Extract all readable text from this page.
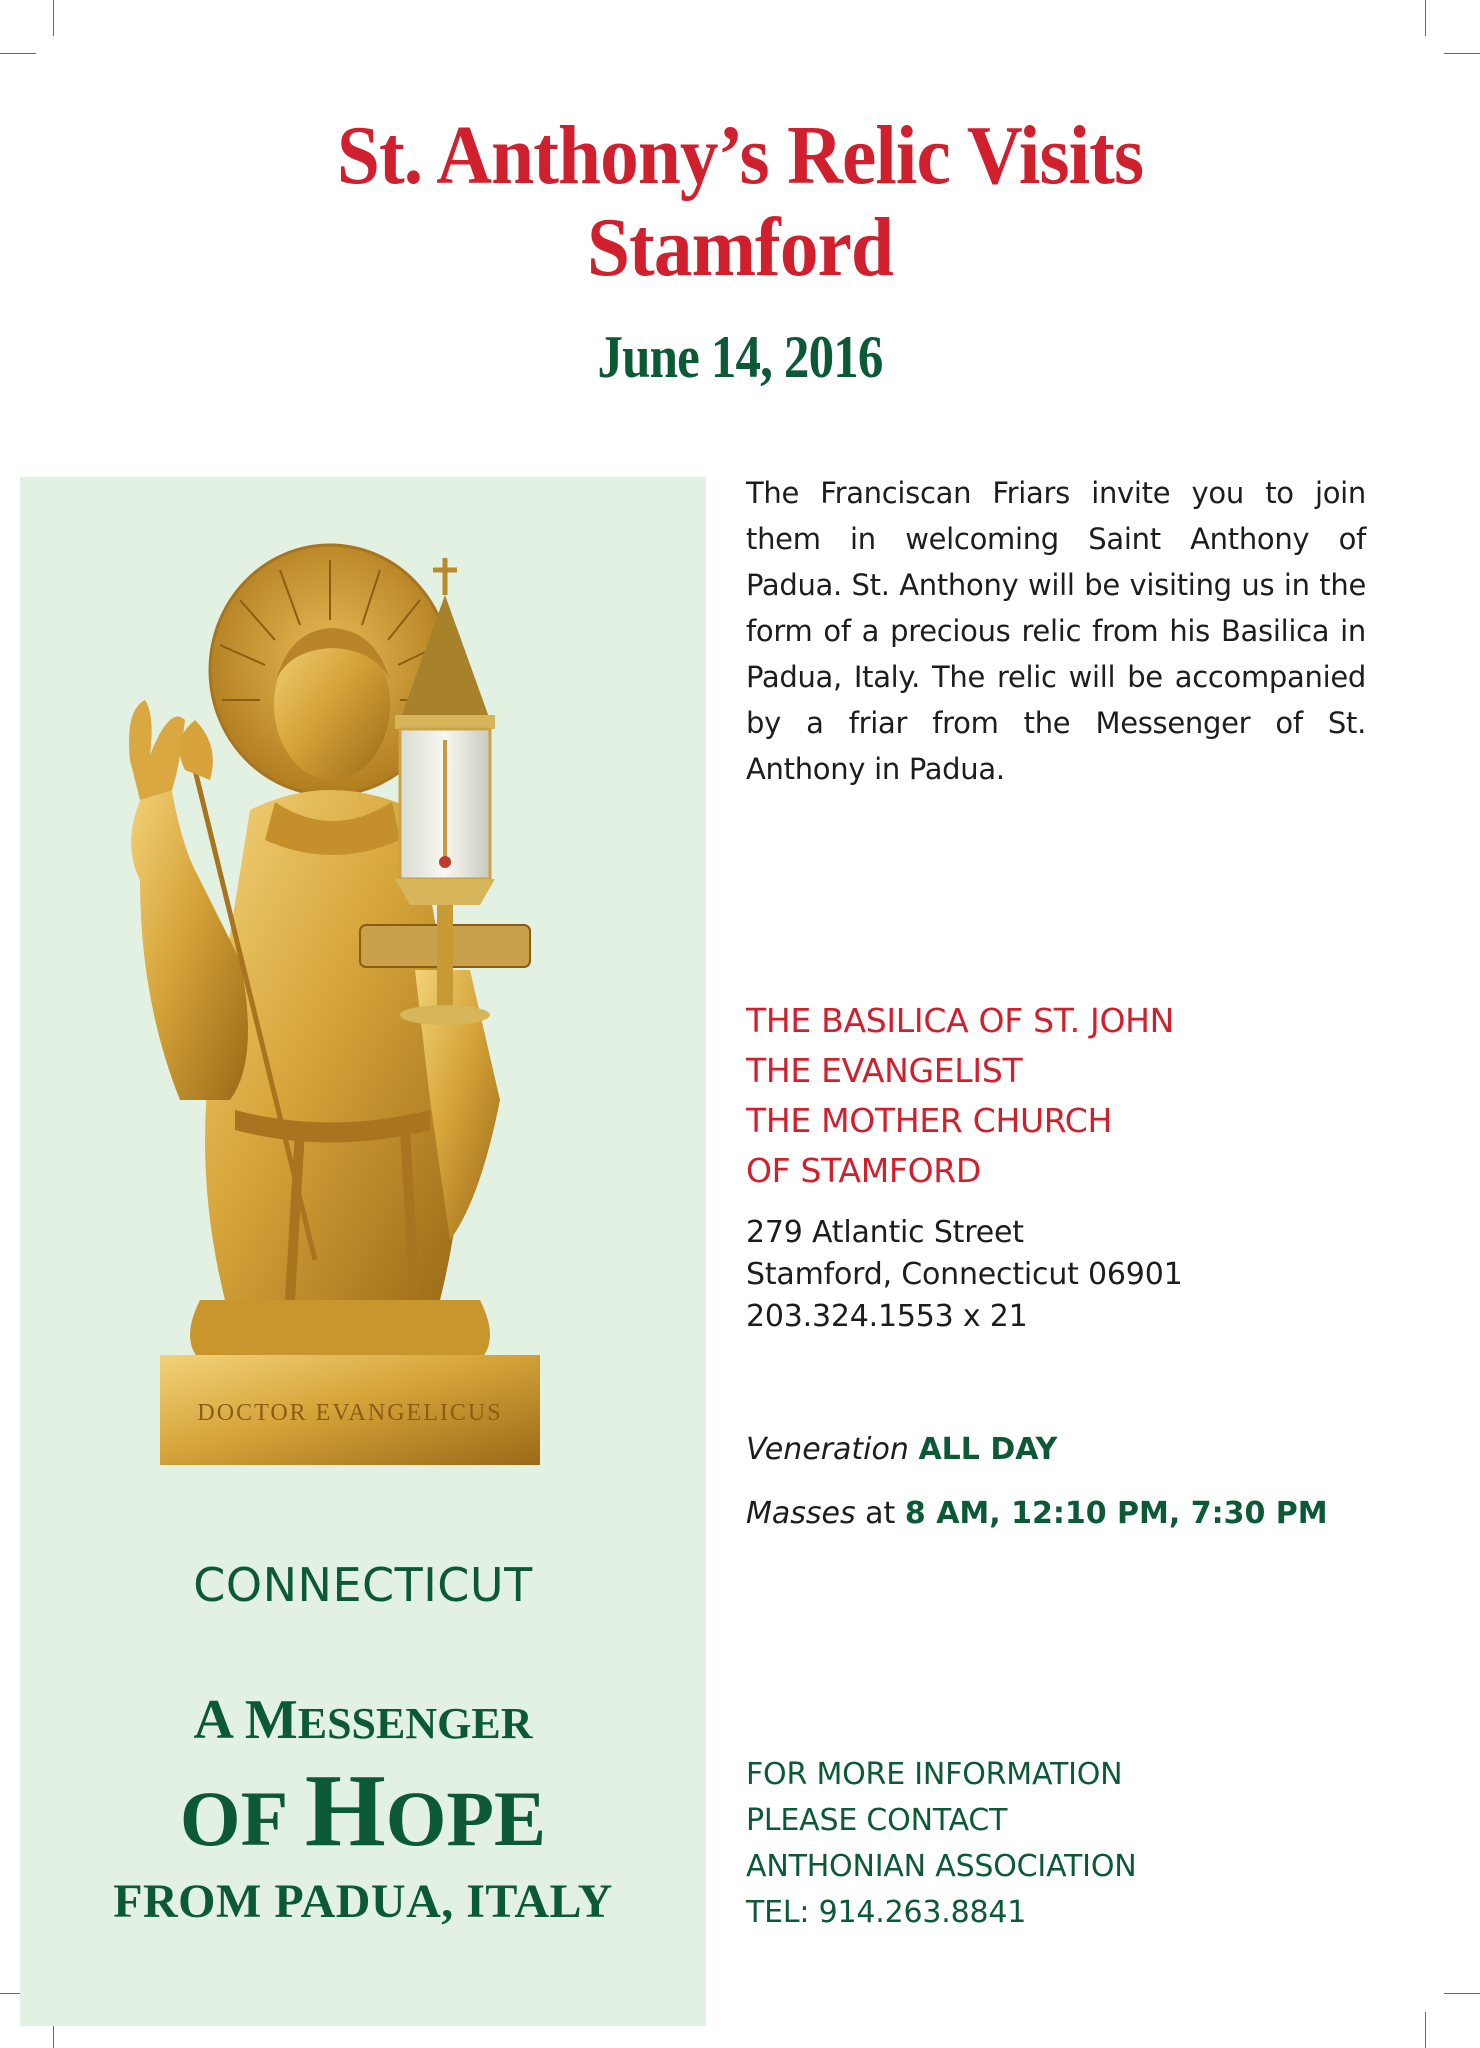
St. Anthony’s Relic Visits
Stamford
June 14, 2016
DOCTOR EVANGELICUS
CONNECTICUT
A MESSENGER
OF HOPE
FROM PADUA, ITALY
The Franciscan Friars invite you to join them in welcoming Saint Anthony of Padua. St. Anthony will be visiting us in the form of a precious relic from his Basilica in Padua, Italy. The relic will be accompanied by a friar from the Messenger of St. Anthony in Padua.
THE BASILICA OF ST. JOHN
THE EVANGELIST
THE MOTHER CHURCH
OF STAMFORD
279 Atlantic Street
Stamford, Connecticut 06901
203.324.1553 x 21
Veneration ALL DAY
Masses at 8 AM, 12:10 PM, 7:30 PM
FOR MORE INFORMATION
PLEASE CONTACT
ANTHONIAN ASSOCIATION
TEL: 914.263.8841
